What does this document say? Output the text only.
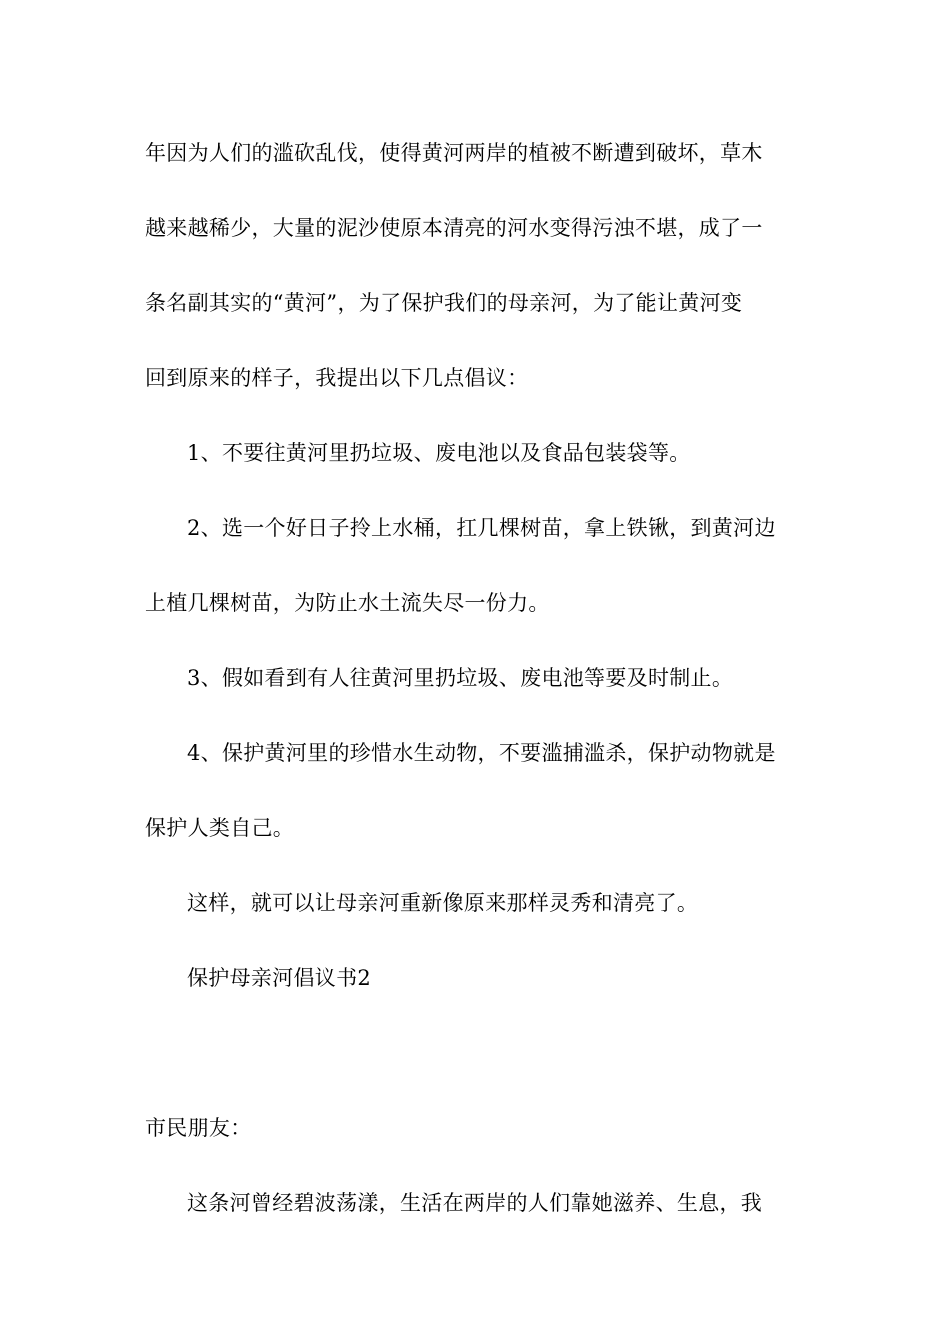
年因为人们的滥砍乱伐，使得黄河两岸的植被不断遭到破坏，草木
越来越稀少，大量的泥沙使原本清亮的河水变得污浊不堪，成了一
条名副其实的“黄河”，为了保护我们的母亲河，为了能让黄河变
回到原来的样子，我提出以下几点倡议：
1、不要往黄河里扔垃圾、废电池以及食品包装袋等。
2、选一个好日子拎上水桶，扛几棵树苗，拿上铁锹，到黄河边
上植几棵树苗，为防止水土流失尽一份力。
3、假如看到有人往黄河里扔垃圾、废电池等要及时制止。
4、保护黄河里的珍惜水生动物，不要滥捕滥杀，保护动物就是
保护人类自己。
这样，就可以让母亲河重新像原来那样灵秀和清亮了。
保护母亲河倡议书2
市民朋友：
这条河曾经碧波荡漾，生活在两岸的人们靠她滋养、生息，我
